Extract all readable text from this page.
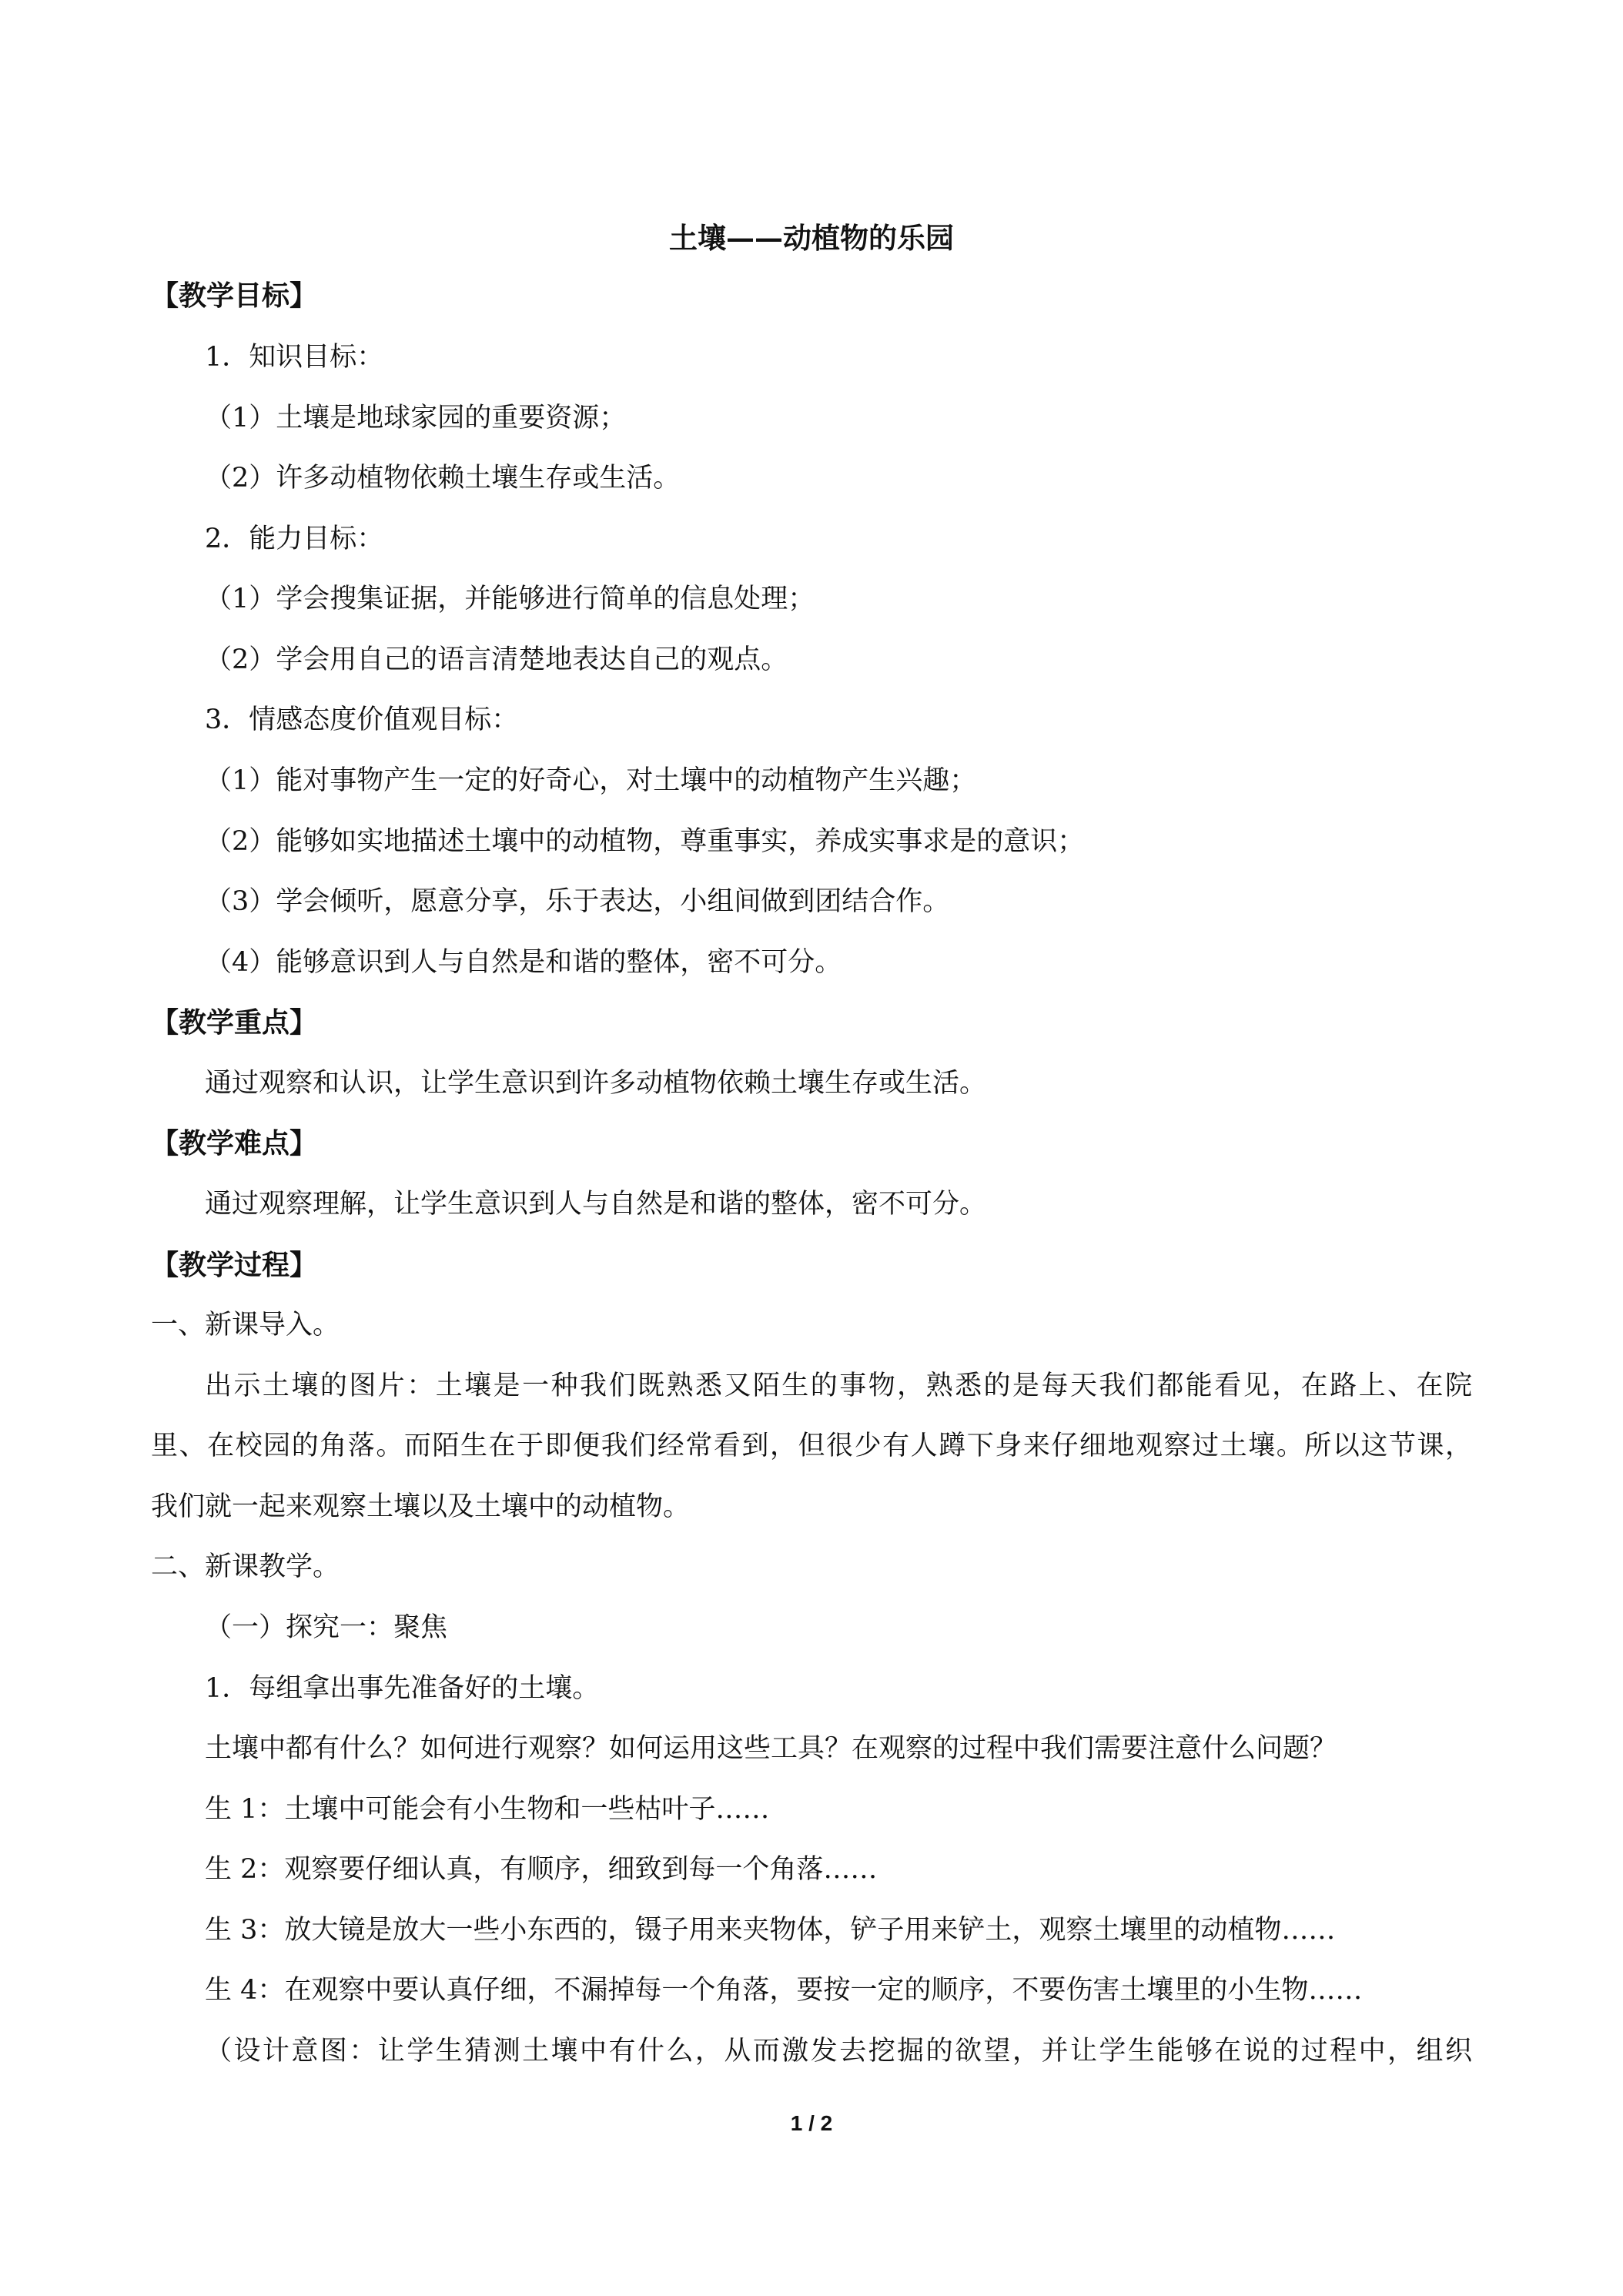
土壤——动植物的乐园
【教学目标】
1．知识目标：
（1）土壤是地球家园的重要资源；
（2）许多动植物依赖土壤生存或生活。
2．能力目标：
（1）学会搜集证据，并能够进行简单的信息处理；
（2）学会用自己的语言清楚地表达自己的观点。
3．情感态度价值观目标：
（1）能对事物产生一定的好奇心，对土壤中的动植物产生兴趣；
（2）能够如实地描述土壤中的动植物，尊重事实，养成实事求是的意识；
（3）学会倾听，愿意分享，乐于表达，小组间做到团结合作。
（4）能够意识到人与自然是和谐的整体，密不可分。
【教学重点】
通过观察和认识，让学生意识到许多动植物依赖土壤生存或生活。
【教学难点】
通过观察理解，让学生意识到人与自然是和谐的整体，密不可分。
【教学过程】
一、新课导入。
出示土壤的图片：土壤是一种我们既熟悉又陌生的事物，熟悉的是每天我们都能看见，在路上、在院
里、在校园的角落。而陌生在于即便我们经常看到，但很少有人蹲下身来仔细地观察过土壤。所以这节课，
我们就一起来观察土壤以及土壤中的动植物。
二、新课教学。
（一）探究一：聚焦
1．每组拿出事先准备好的土壤。
土壤中都有什么？如何进行观察？如何运用这些工具？在观察的过程中我们需要注意什么问题？
生 1：土壤中可能会有小生物和一些枯叶子……
生 2：观察要仔细认真，有顺序，细致到每一个角落……
生 3：放大镜是放大一些小东西的，镊子用来夹物体，铲子用来铲土，观察土壤里的动植物……
生 4：在观察中要认真仔细，不漏掉每一个角落，要按一定的顺序，不要伤害土壤里的小生物……
（设计意图：让学生猜测土壤中有什么，从而激发去挖掘的欲望，并让学生能够在说的过程中，组织
1 / 2
